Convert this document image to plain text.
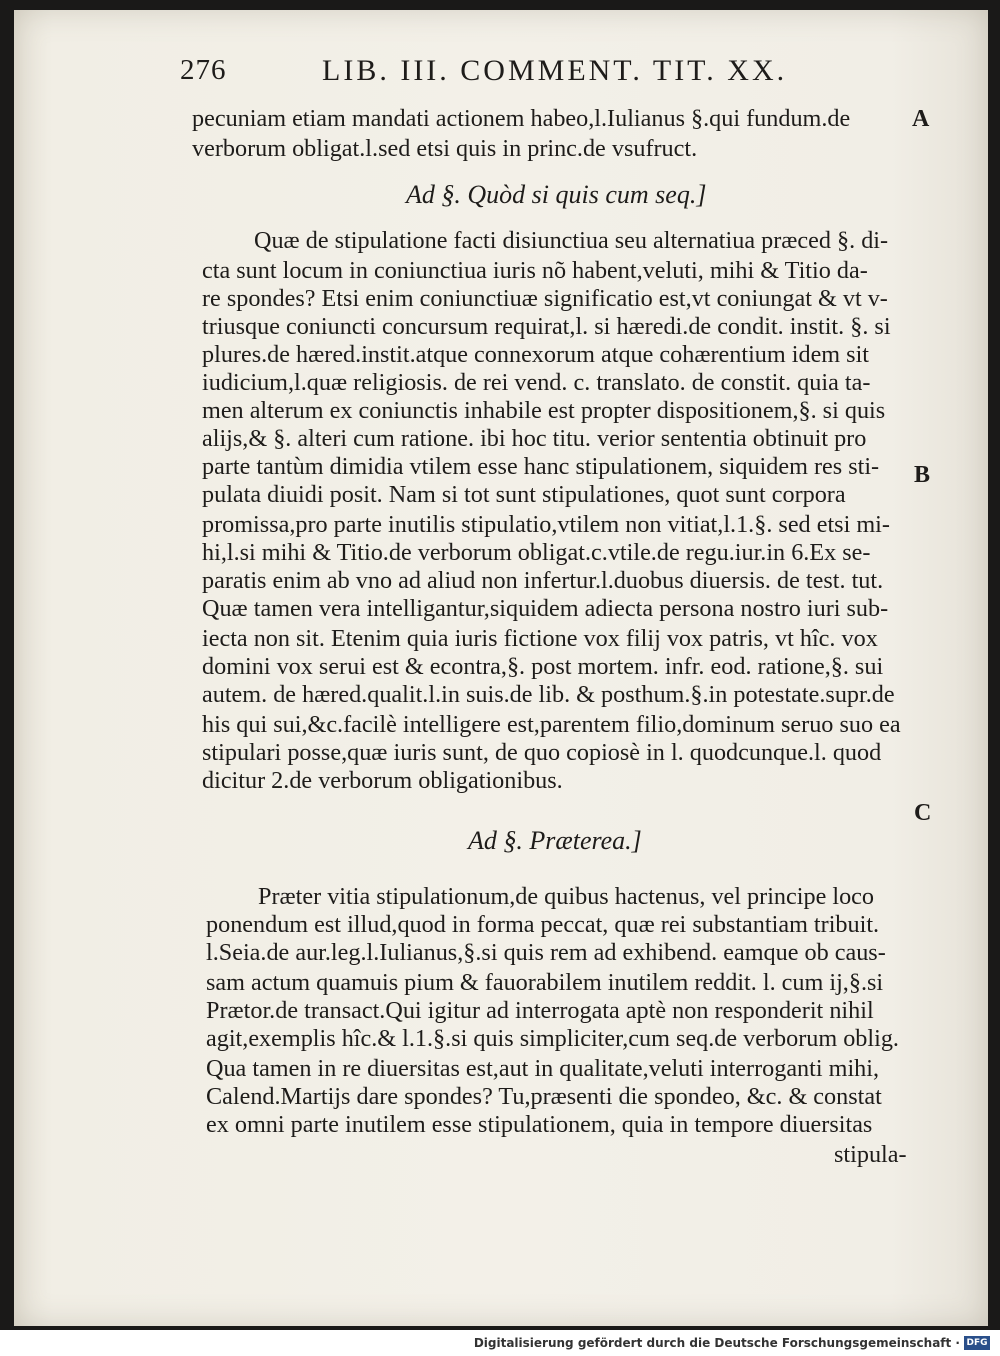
276	LIB. III. COMMENT. TIT. XX.
pecuniam etiam mandati actionem habeo,l.Iulianus §.qui fundum.de
verborum obligat.l.sed etsi quis in princ.de vsufruct.
A
Ad §. Quòd si quis cum seq.]
Quæ de stipulatione facti disiunctiua seu alternatiua præced §. di-
cta sunt locum in coniunctiua iuris nõ habent,veluti, mihi & Titio da-
re spondes? Etsi enim coniunctiuæ significatio est,vt coniungat & vt v-
triusque coniuncti concursum requirat,l. si hæredi.de condit. instit. §. si
plures.de hæred.instit.atque connexorum atque cohærentium idem sit
iudicium,l.quæ religiosis. de rei vend. c. translato. de constit. quia ta-
men alterum ex coniunctis inhabile est propter dispositionem,§. si quis
alijs,& §. alteri cum ratione. ibi hoc titu. verior sententia obtinuit pro
parte tantùm dimidia vtilem esse hanc stipulationem, siquidem res sti-
pulata diuidi posit. Nam si tot sunt stipulationes, quot sunt corpora
promissa,pro parte inutilis stipulatio,vtilem non vitiat,l.1.§. sed etsi mi-
hi,l.si mihi & Titio.de verborum obligat.c.vtile.de regu.iur.in 6.Ex se-
paratis enim ab vno ad aliud non infertur.l.duobus diuersis. de test. tut.
Quæ tamen vera intelligantur,siquidem adiecta persona nostro iuri sub-
iecta non sit. Etenim quia iuris fictione vox filij vox patris, vt hîc. vox
domini vox serui est & econtra,§. post mortem. infr. eod. ratione,§. sui
autem. de hæred.qualit.l.in suis.de lib. & posthum.§.in potestate.supr.de
his qui sui,&c.facilè intelligere est,parentem filio,dominum seruo suo ea
stipulari posse,quæ iuris sunt, de quo copiosè in l. quodcunque.l. quod
dicitur 2.de verborum obligationibus.
B
C
Ad §. Præterea.]
Præter vitia stipulationum,de quibus hactenus, vel principe loco
ponendum est illud,quod in forma peccat, quæ rei substantiam tribuit.
l.Seia.de aur.leg.l.Iulianus,§.si quis rem ad exhibend. eamque ob caus-
sam actum quamuis pium & fauorabilem inutilem reddit. l. cum ij,§.si
Prætor.de transact.Qui igitur ad interrogata aptè non responderit nihil
agit,exemplis hîc.& l.1.§.si quis simpliciter,cum seq.de verborum oblig.
Qua tamen in re diuersitas est,aut in qualitate,veluti interroganti mihi,
Calend.Martijs dare spondes? Tu,præsenti die spondeo, &c. & constat
ex omni parte inutilem esse stipulationem, quia in tempore diuersitas
stipula-
Digitalisierung gefördert durch die Deutsche Forschungsgemeinschaft · DFG
